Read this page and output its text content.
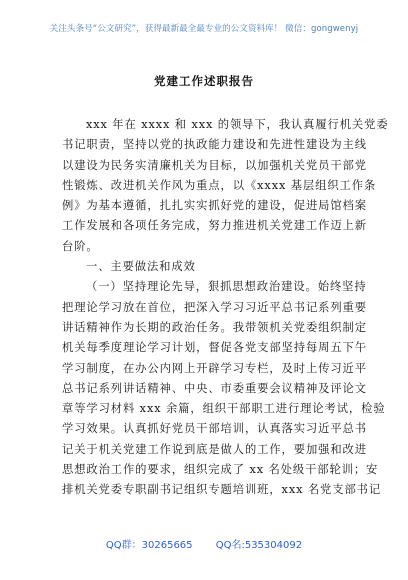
关注头条号“公文研究”，获得最新最全最专业的公文资料库！ 微信：gongwenyj
党建工作述职报告
xxx 年在 xxxx 和 xxx 的领导下，我认真履行机关党委
书记职责，坚持以党的执政能力建设和先进性建设为主线
以建设为民务实清廉机关为目标，以加强机关党员干部党
性锻炼、改进机关作风为重点，以《xxxx 基层组织工作条
例》为基本遵循，扎扎实实抓好党的建设，促进局馆档案
工作发展和各项任务完成，努力推进机关党建工作迈上新
台阶。
一、主要做法和成效
（一）坚持理论先导，狠抓思想政治建设。始终坚持
把理论学习放在首位，把深入学习习近平总书记系列重要
讲话精神作为长期的政治任务。我带领机关党委组织制定
机关每季度理论学习计划，督促各党支部坚持每周五下午
学习制度，在办公内网上开辟学习专栏，及时上传习近平
总书记系列讲话精神、中央、市委重要会议精神及评论文
章等学习材料 xxx 余篇，组织干部职工进行理论考试，检验
学习效果。认真抓好党员干部培训，认真落实习近平总书
记关于机关党建工作说到底是做人的工作，要加强和改进
思想政治工作的要求，组织完成了 xx 名处级干部轮训；安
排机关党委专职副书记组织专题培训班，xxx 名党支部书记
QQ群：30265665 QQ名:535304092
